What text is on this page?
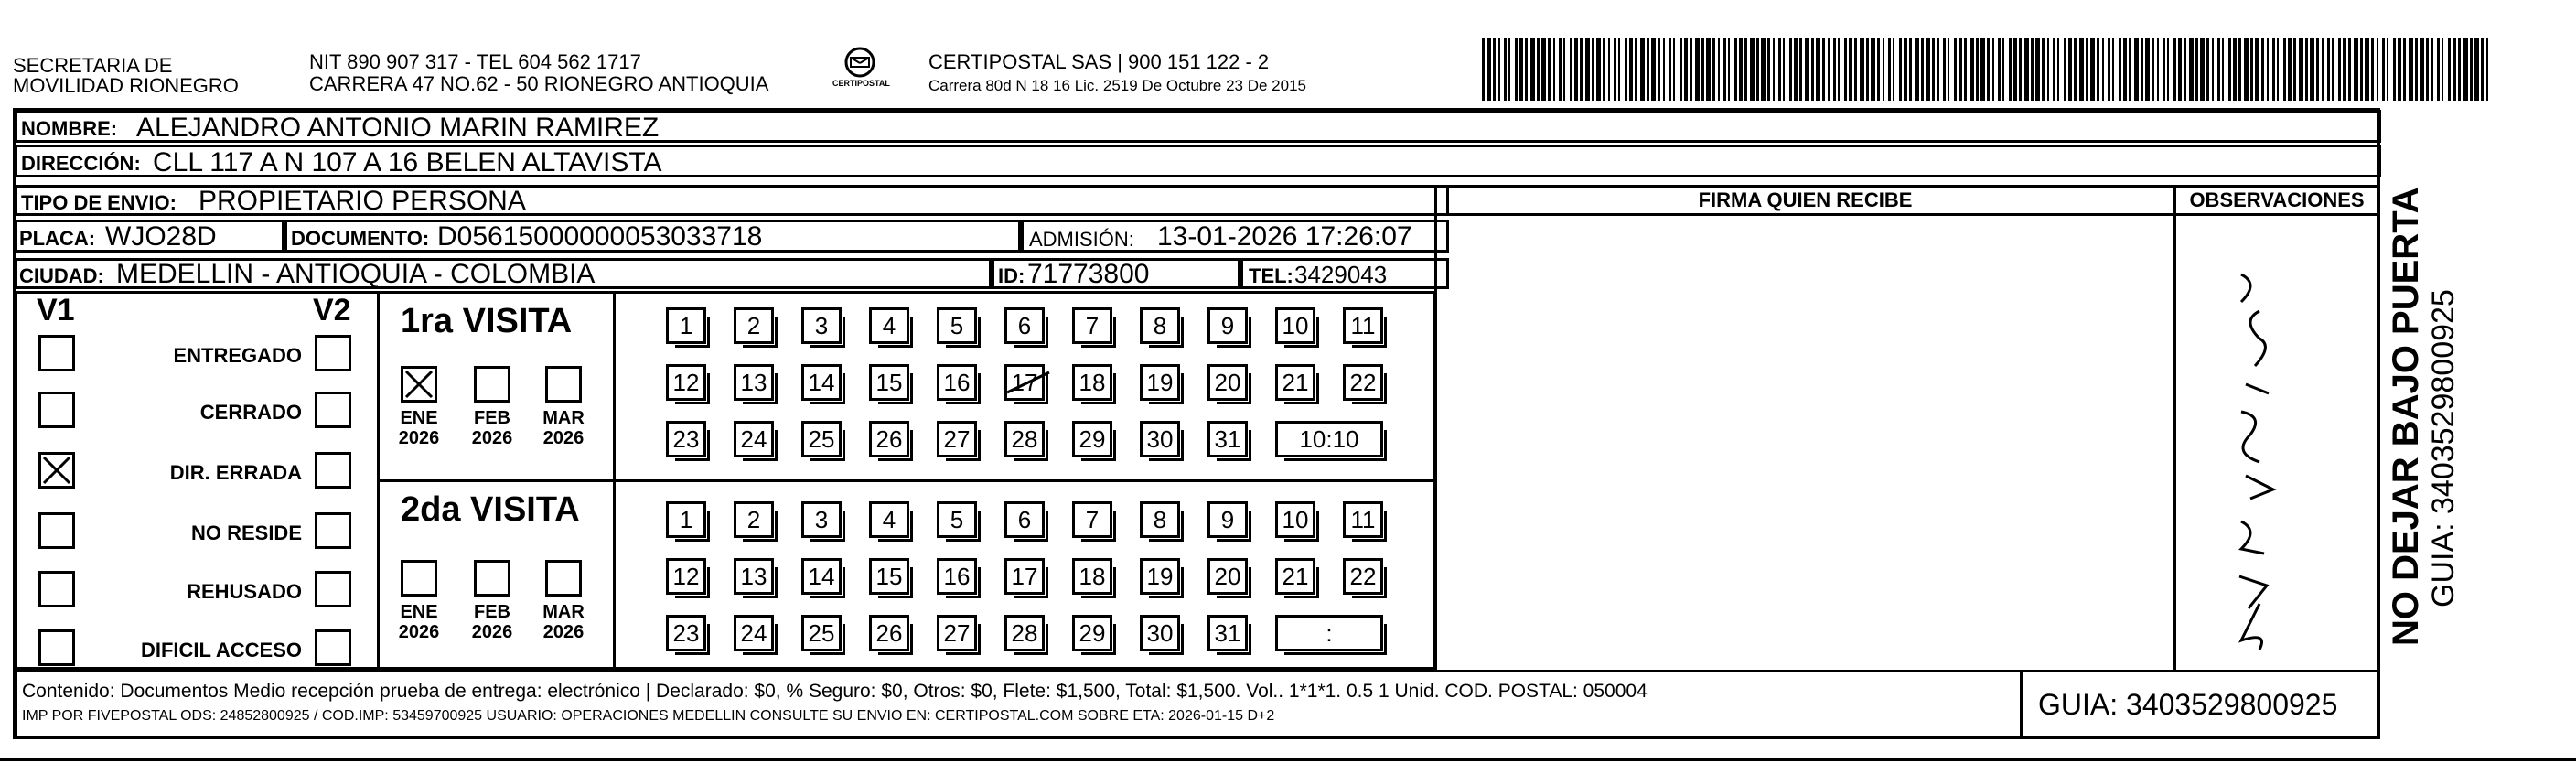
SECRETARIA DE
MOVILIDAD RIONEGRO
NIT 890 907 317 - TEL 604 562 1717
CARRERA 47 NO.62 - 50 RIONEGRO ANTIOQUIA	CERTIPOSTAL
CERTIPOSTAL SAS | 900 151 122 - 2
Carrera 80d N 18 16 Lic. 2519 De Octubre 23 De 2015
NOMBRE: ALEJANDRO ANTONIO MARIN RAMIREZ
DIRECCIÓN: CLL 117 A N 107 A 16 BELEN ALTAVISTA
TIPO DE ENVIO: PROPIETARIO PERSONA	FIRMA QUIEN RECIBE	OBSERVACIONES
PLACA: WJO28D	DOCUMENTO: D05615000000053033718	ADMISIÓN: 13-01-2026 17:26:07
CIUDAD: MEDELLIN - ANTIOQUIA - COLOMBIA	ID: 71773800	TEL: 3429043
V1	V2
ENTREGADO
CERRADO
DIR. ERRADA
NO RESIDE
REHUSADO
DIFICIL ACCESO
1ra VISITA
2da VISITA
ENE
2026
FEB
2026
MAR
2026
ENE
2026
FEB
2026
MAR
2026
1	2	3	4	5	6	7	8	9	10	11
12 13 14 15 16 17 18 19 20 21 22
23 24 25 26 27 28 29 30 31	10:10
1	2	3	4	5	6	7	8	9	10	11
12 13 14 15 16 17 18 19 20 21 22
23 24 25 26 27 28 29 30 31	:
Contenido: Documentos Medio recepción prueba de entrega: electrónico | Declarado: $0, % Seguro: $0, Otros: $0, Flete: $1,500, Total: $1,500. Vol.. 1*1*1. 0.5 1 Unid. COD. POSTAL: 050004
IMP POR FIVEPOSTAL ODS: 24852800925 / COD.IMP: 53459700925 USUARIO: OPERACIONES MEDELLIN CONSULTE SU ENVIO EN: CERTIPOSTAL.COM SOBRE ETA: 2026-01-15 D+2	GUIA: 3403529800925
NO DEJAR BAJO PUERTA GUIA: 3403529800925
